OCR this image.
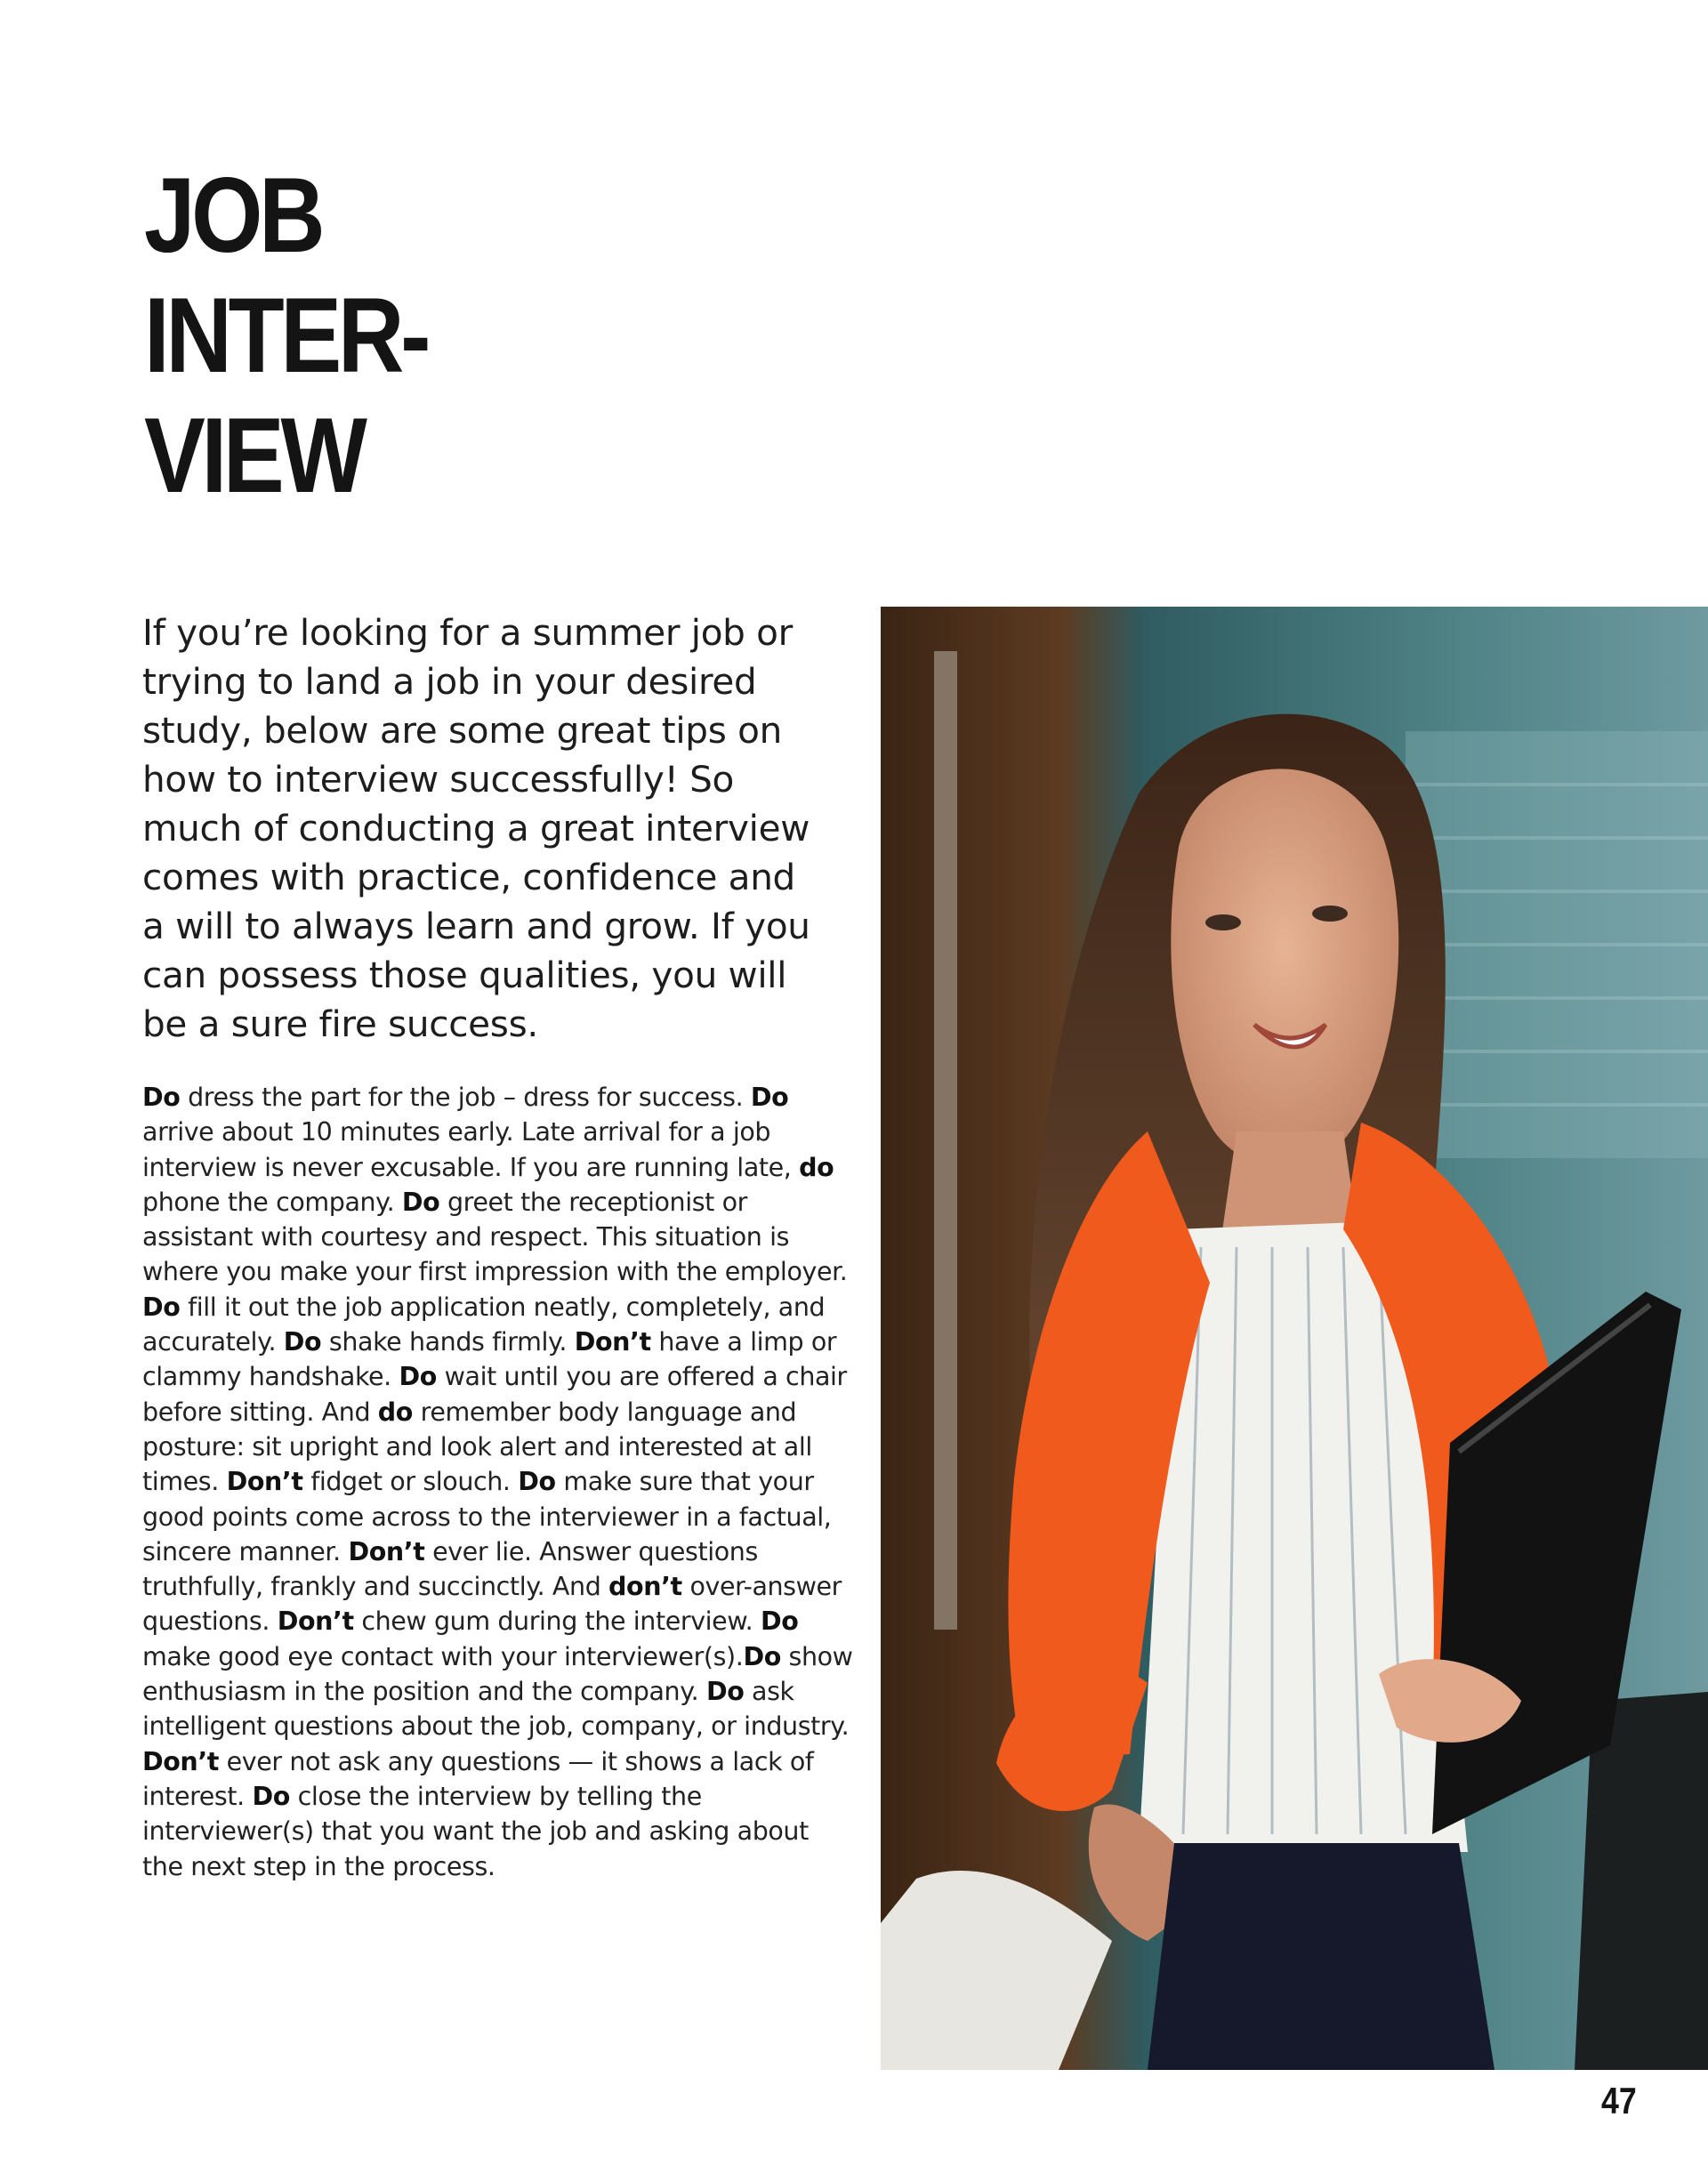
JOB
INTER-
VIEW

If you’re looking for a summer job or
trying to land a job in your desired
study, below are some great tips on
how to interview successfully! So
much of conducting a great interview
comes with practice, confidence and
a will to always learn and grow. If you
can possess those qualities, you will
be a sure fire success.

Do dress the part for the job – dress for success. Do arrive about 10 minutes early. Late arrival for a job interview is never excusable. If you are running late, do phone the company. Do greet the receptionist or assistant with courtesy and respect. This situation is where you make your first impression with the employer. Do fill it out the job application neatly, completely, and accurately. Do shake hands firmly. Don’t have a limp or clammy handshake. Do wait until you are offered a chair before sitting. And do remember body language and posture: sit upright and look alert and interested at all times. Don’t fidget or slouch. Do make sure that your good points come across to the interviewer in a factual, sincere manner. Don’t ever lie. Answer questions truthfully, frankly and succinctly. And don’t over-answer questions. Don’t chew gum during the interview. Do make good eye contact with your interviewer(s).Do show enthusiasm in the position and the company. Do ask intelligent questions about the job, company, or industry. Don’t ever not ask any questions — it shows a lack of interest. Do close the interview by telling the interviewer(s) that you want the job and asking about the next step in the process.

47
